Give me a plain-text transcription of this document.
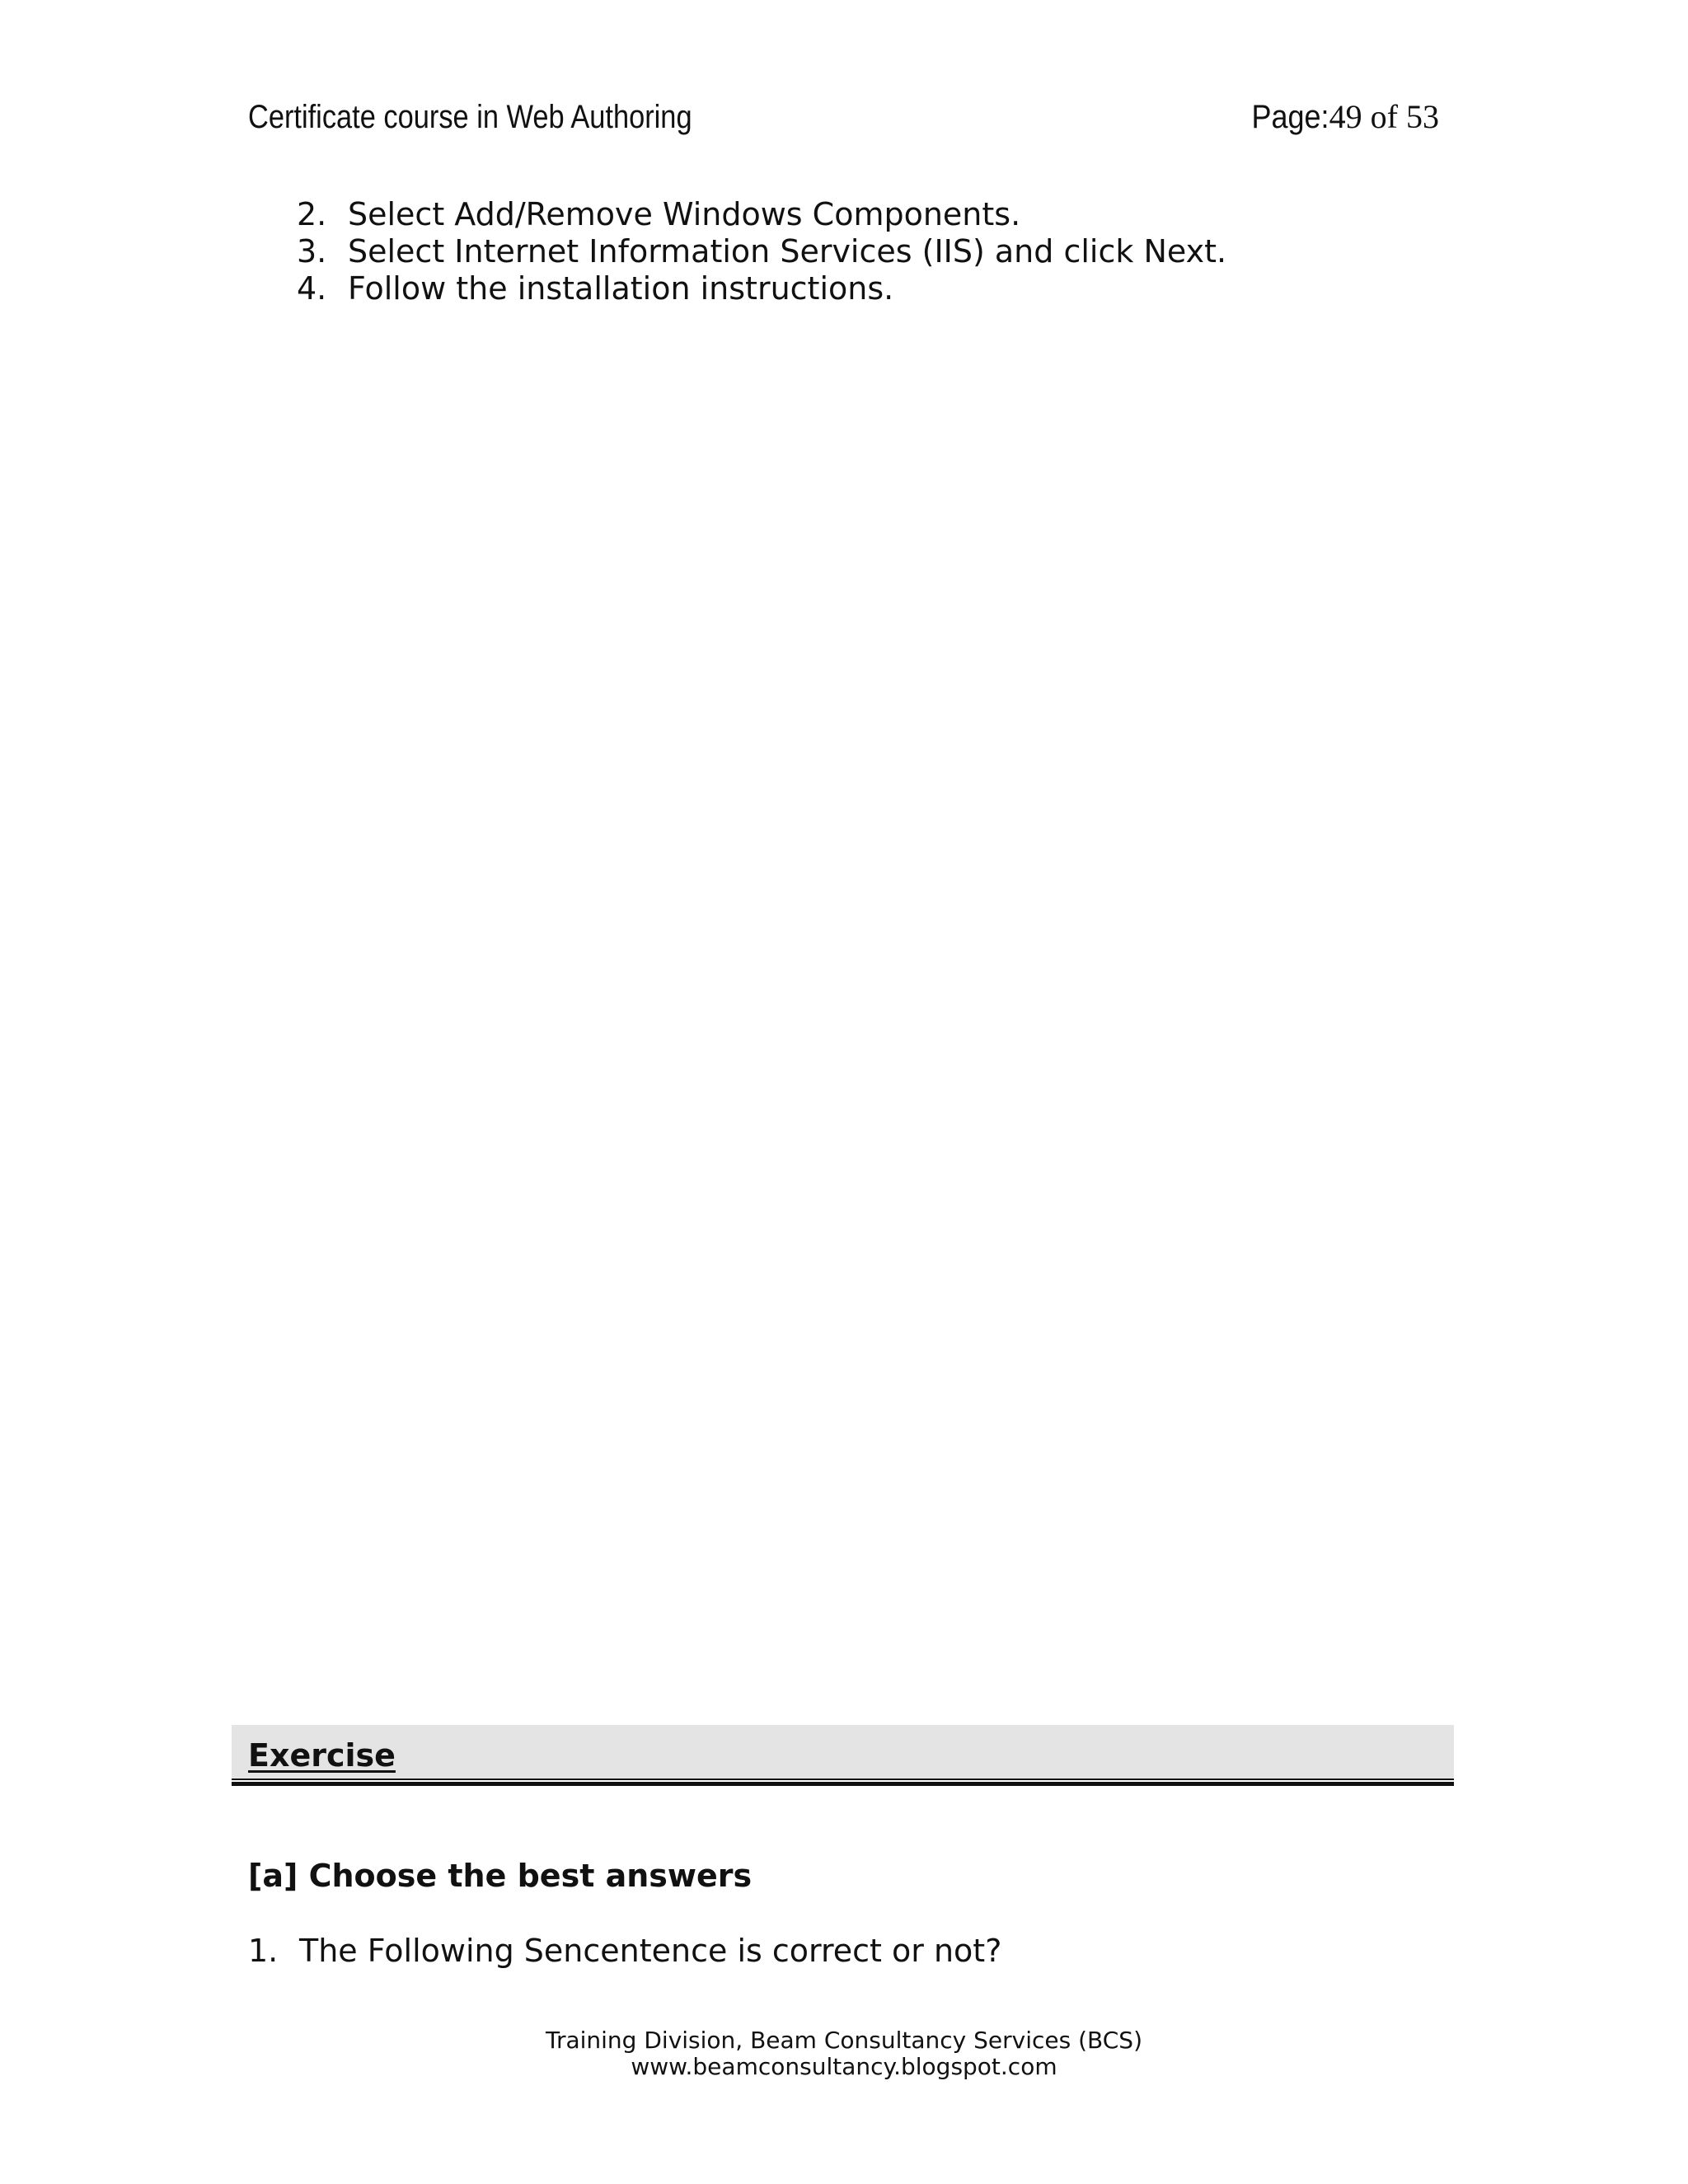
Certificate course in Web Authoring	Page:49 of 53
2. Select Add/Remove Windows Components.
3. Select Internet Information Services (IIS) and click Next.
4. Follow the installation instructions.
Exercise
[a] Choose the best answers
1. The Following Sencentence is correct or not?
Training Division, Beam Consultancy Services (BCS)
www.beamconsultancy.blogspot.com
